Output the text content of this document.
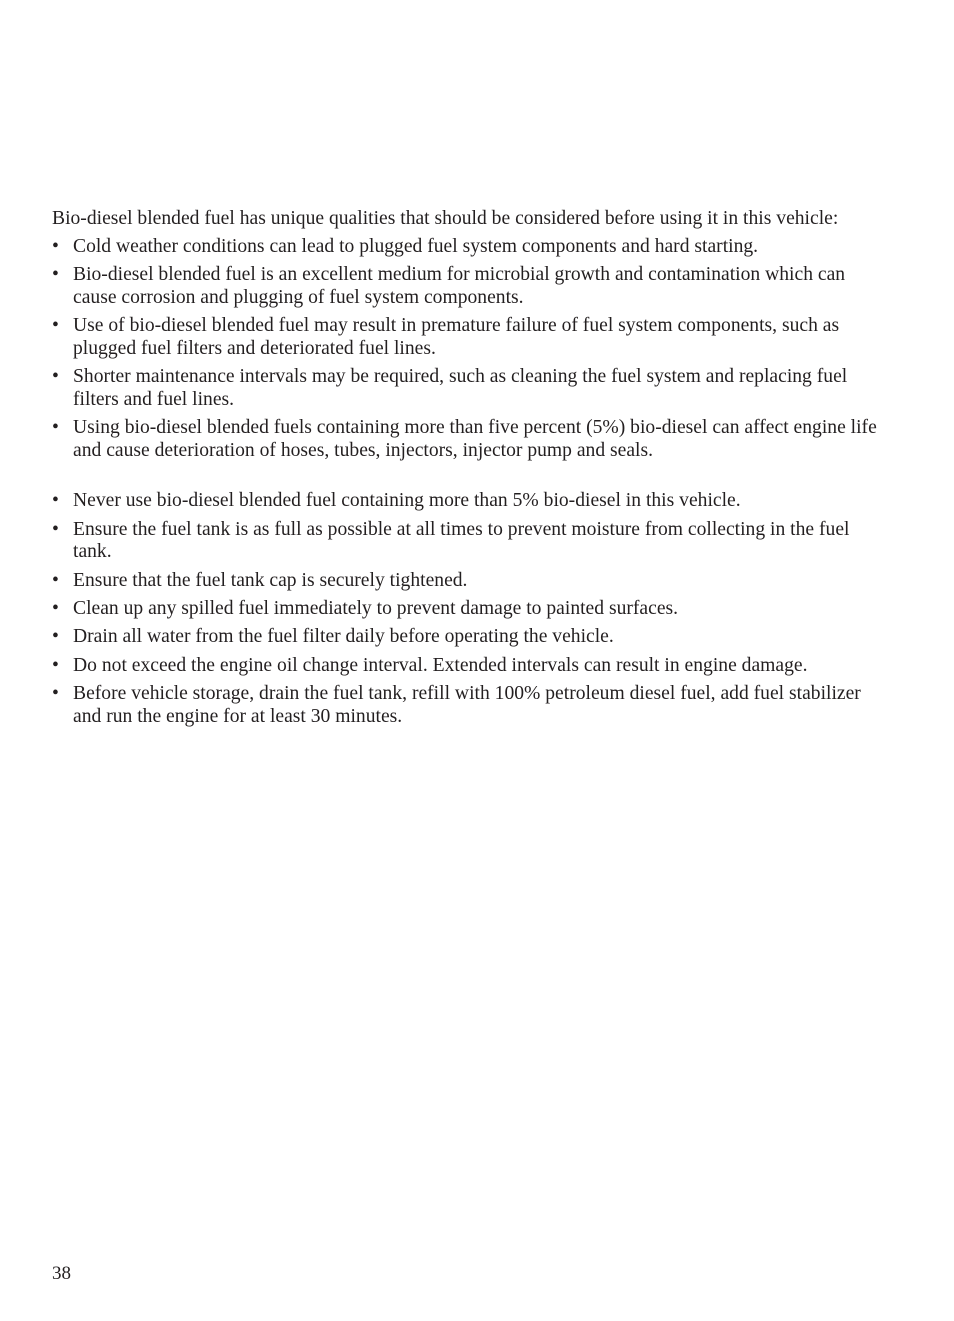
Bio-diesel blended fuel has unique qualities that should be considered before using it in this vehicle:

• Cold weather conditions can lead to plugged fuel system components and hard starting.
• Bio-diesel blended fuel is an excellent medium for microbial growth and contamination which can cause corrosion and plugging of fuel system components.
• Use of bio-diesel blended fuel may result in premature failure of fuel system components, such as plugged fuel filters and deteriorated fuel lines.
• Shorter maintenance intervals may be required, such as cleaning the fuel system and replacing fuel filters and fuel lines.
• Using bio-diesel blended fuels containing more than five percent (5%) bio-diesel can affect engine life and cause deterioration of hoses, tubes, injectors, injector pump and seals.
• Never use bio-diesel blended fuel containing more than 5% bio-diesel in this vehicle.
• Ensure the fuel tank is as full as possible at all times to prevent moisture from collecting in the fuel tank.
• Ensure that the fuel tank cap is securely tightened.
• Clean up any spilled fuel immediately to prevent damage to painted surfaces.
• Drain all water from the fuel filter daily before operating the vehicle.
• Do not exceed the engine oil change interval. Extended intervals can result in engine damage.
• Before vehicle storage, drain the fuel tank, refill with 100% petroleum diesel fuel, add fuel stabilizer and run the engine for at least 30 minutes.
38
